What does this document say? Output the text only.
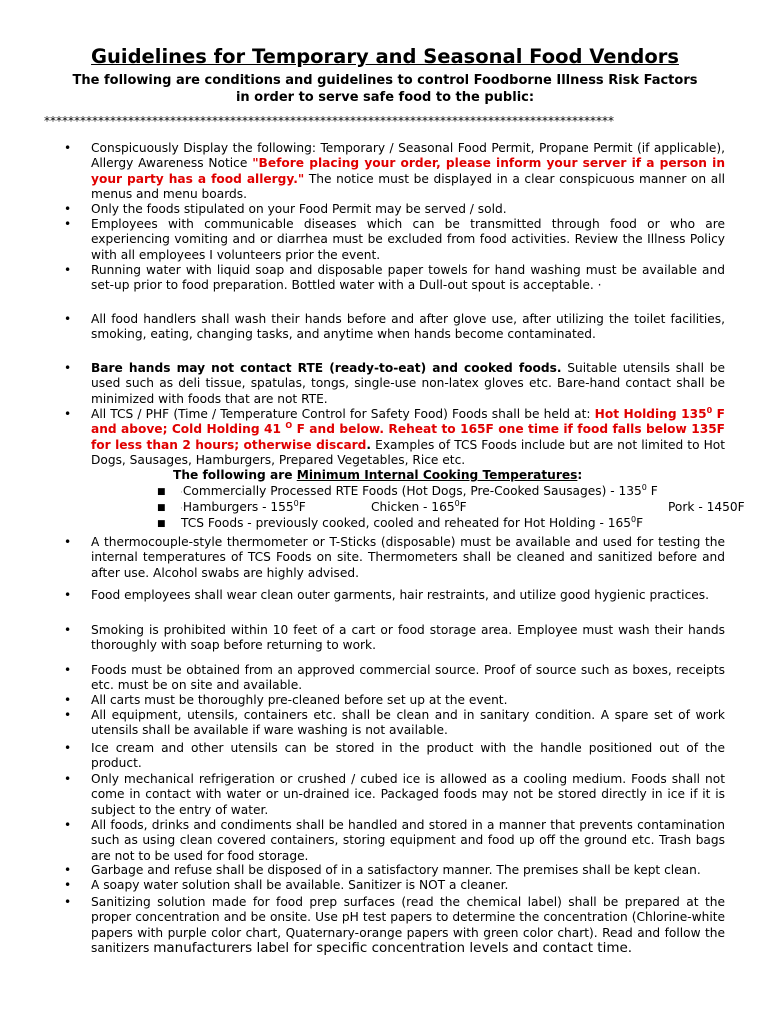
Guidelines for Temporary and Seasonal Food Vendors
The following are conditions and guidelines to control Foodborne Illness Risk Factors
in order to serve safe food to the public:
***********************************************************************************************
• Conspicuously Display the following: Temporary / Seasonal Food Permit, Propane Permit (if applicable), Allergy Awareness Notice "Before placing your order, please inform your server if a person in your party has a food allergy." The notice must be displayed in a clear conspicuous manner on all menus and menu boards.
• Only the foods stipulated on your Food Permit may be served / sold.
• Employees with communicable diseases which can be transmitted through food or who are experiencing vomiting and or diarrhea must be excluded from food activities. Review the Illness Policy with all employees I volunteers prior the event.
• Running water with liquid soap and disposable paper towels for hand washing must be available and set-up prior to food preparation. Bottled water with a Dull-out spout is acceptable. ·
• All food handlers shall wash their hands before and after glove use, after utilizing the toilet facilities, smoking, eating, changing tasks, and anytime when hands become contaminated.
• Bare hands may not contact RTE (ready-to-eat) and cooked foods. Suitable utensils shall be used such as deli tissue, spatulas, tongs, single-use non-latex gloves etc. Bare-hand contact shall be minimized with foods that are not RTE.
• All TCS / PHF (Time / Temperature Control for Safety Food) Foods shall be held at: Hot Holding $135^0$ F and above; Cold Holding 41 $^O$ F and below. Reheat to 165F one time if food falls below 135F for less than 2 hours; otherwise discard. Examples of TCS Foods include but are not limited to Hot Dogs, Sausages, Hamburgers, Prepared Vegetables, Rice etc.
The following are Minimum Internal Cooking Temperatures:
■ ·Commercially Processed RTE Foods (Hot Dogs, Pre-Cooked Sausages) - $135^0$ F
■ ·Hamburgers - $155^0F$	Chicken - $165^0F$	Pork - 1450F
■ TCS Foods - previously cooked, cooled and reheated for Hot Holding - $165^0F$
• A thermocouple-style thermometer or T-Sticks (disposable) must be available and used for testing the internal temperatures of TCS Foods on site. Thermometers shall be cleaned and sanitized before and after use. Alcohol swabs are highly advised.
• Food employees shall wear clean outer garments, hair restraints, and utilize good hygienic practices.
• Smoking is prohibited within 10 feet of a cart or food storage area. Employee must wash their hands thoroughly with soap before returning to work.
• Foods must be obtained from an approved commercial source. Proof of source such as boxes, receipts etc. must be on site and available.
• All carts must be thoroughly pre-cleaned before set up at the event.
• All equipment, utensils, containers etc. shall be clean and in sanitary condition. A spare set of work utensils shall be available if ware washing is not available.
• Ice cream and other utensils can be stored in the product with the handle positioned out of the product.
• Only mechanical refrigeration or crushed / cubed ice is allowed as a cooling medium. Foods shall not come in contact with water or un-drained ice. Packaged foods may not be stored directly in ice if it is subject to the entry of water.
• All foods, drinks and condiments shall be handled and stored in a manner that prevents contamination such as using clean covered containers, storing equipment and food up off the ground etc. Trash bags are not to be used for food storage.
• Garbage and refuse shall be disposed of in a satisfactory manner. The premises shall be kept clean.
• A soapy water solution shall be available. Sanitizer is NOT a cleaner.
• Sanitizing solution made for food prep surfaces (read the chemical label) shall be prepared at the proper concentration and be onsite. Use pH test papers to determine the concentration (Chlorine-white papers with purple color chart, Quaternary-orange papers with green color chart). Read and follow the sanitizers manufacturers label for specific concentration levels and contact time.
